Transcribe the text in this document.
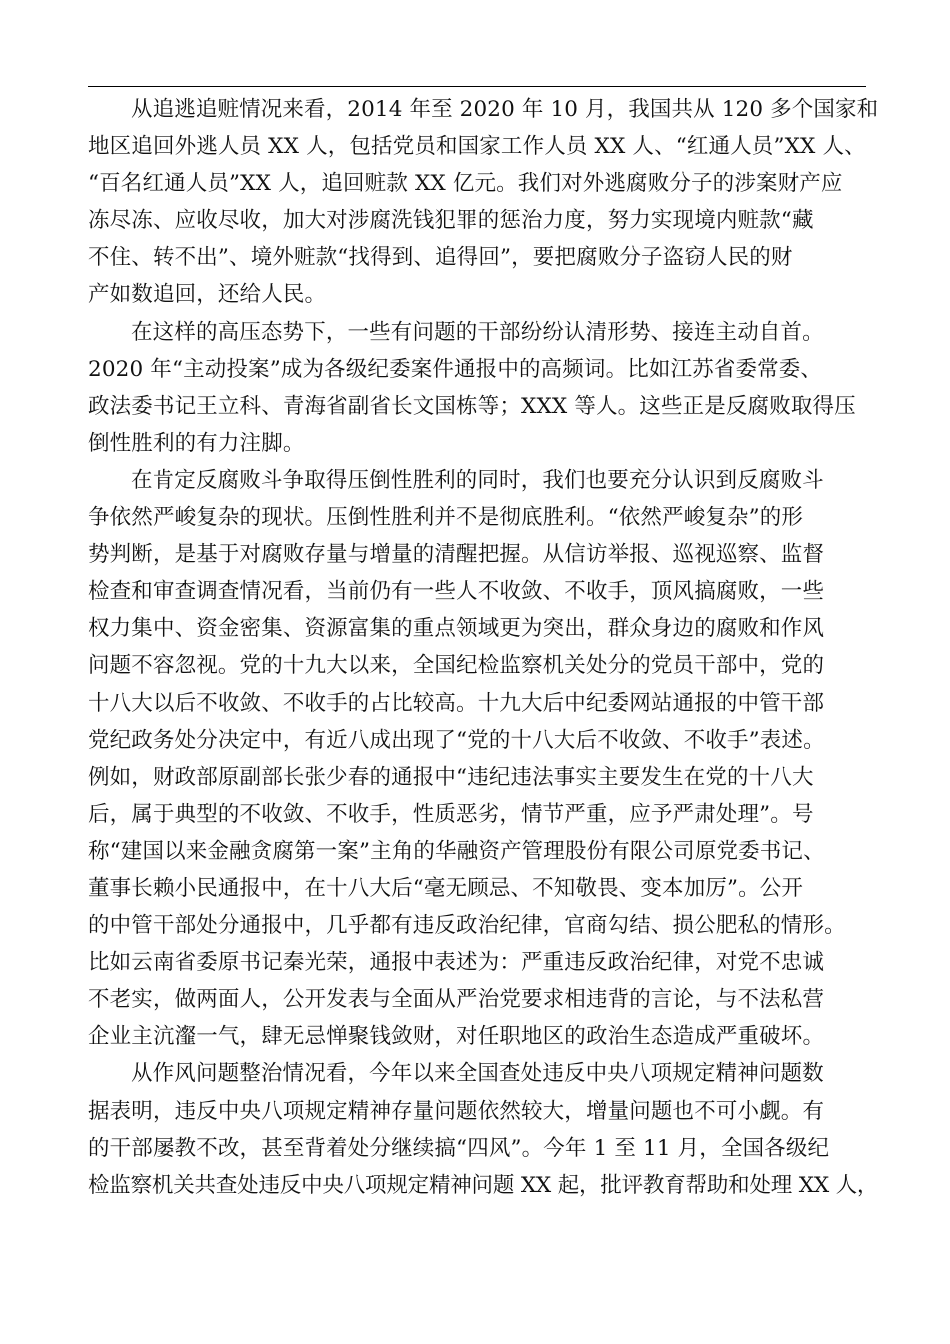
从追逃追赃情况来看，2014 年至 2020 年 10 月，我国共从 120 多个国家和
地区追回外逃人员 XX 人，包括党员和国家工作人员 XX 人、“红通人员”XX 人、
“百名红通人员”XX 人，追回赃款 XX 亿元。我们对外逃腐败分子的涉案财产应
冻尽冻、应收尽收，加大对涉腐洗钱犯罪的惩治力度，努力实现境内赃款“藏
不住、转不出”、境外赃款“找得到、追得回”，要把腐败分子盗窃人民的财
产如数追回，还给人民。
在这样的高压态势下，一些有问题的干部纷纷认清形势、接连主动自首。
2020 年“主动投案”成为各级纪委案件通报中的高频词。比如江苏省委常委、
政法委书记王立科、青海省副省长文国栋等；XXX 等人。这些正是反腐败取得压
倒性胜利的有力注脚。
在肯定反腐败斗争取得压倒性胜利的同时，我们也要充分认识到反腐败斗
争依然严峻复杂的现状。压倒性胜利并不是彻底胜利。“依然严峻复杂”的形
势判断，是基于对腐败存量与增量的清醒把握。从信访举报、巡视巡察、监督
检查和审查调查情况看，当前仍有一些人不收敛、不收手，顶风搞腐败，一些
权力集中、资金密集、资源富集的重点领域更为突出，群众身边的腐败和作风
问题不容忽视。党的十九大以来，全国纪检监察机关处分的党员干部中，党的
十八大以后不收敛、不收手的占比较高。十九大后中纪委网站通报的中管干部
党纪政务处分决定中，有近八成出现了“党的十八大后不收敛、不收手”表述。
例如，财政部原副部长张少春的通报中“违纪违法事实主要发生在党的十八大
后，属于典型的不收敛、不收手，性质恶劣，情节严重，应予严肃处理”。号
称“建国以来金融贪腐第一案”主角的华融资产管理股份有限公司原党委书记、
董事长赖小民通报中，在十八大后“毫无顾忌、不知敬畏、变本加厉”。公开
的中管干部处分通报中，几乎都有违反政治纪律，官商勾结、损公肥私的情形。
比如云南省委原书记秦光荣，通报中表述为：严重违反政治纪律，对党不忠诚
不老实，做两面人，公开发表与全面从严治党要求相违背的言论，与不法私营
企业主沆瀣一气，肆无忌惮聚钱敛财，对任职地区的政治生态造成严重破坏。
从作风问题整治情况看，今年以来全国查处违反中央八项规定精神问题数
据表明，违反中央八项规定精神存量问题依然较大，增量问题也不可小觑。有
的干部屡教不改，甚至背着处分继续搞“四风”。今年 1 至 11 月，全国各级纪
检监察机关共查处违反中央八项规定精神问题 XX 起，批评教育帮助和处理 XX 人，
